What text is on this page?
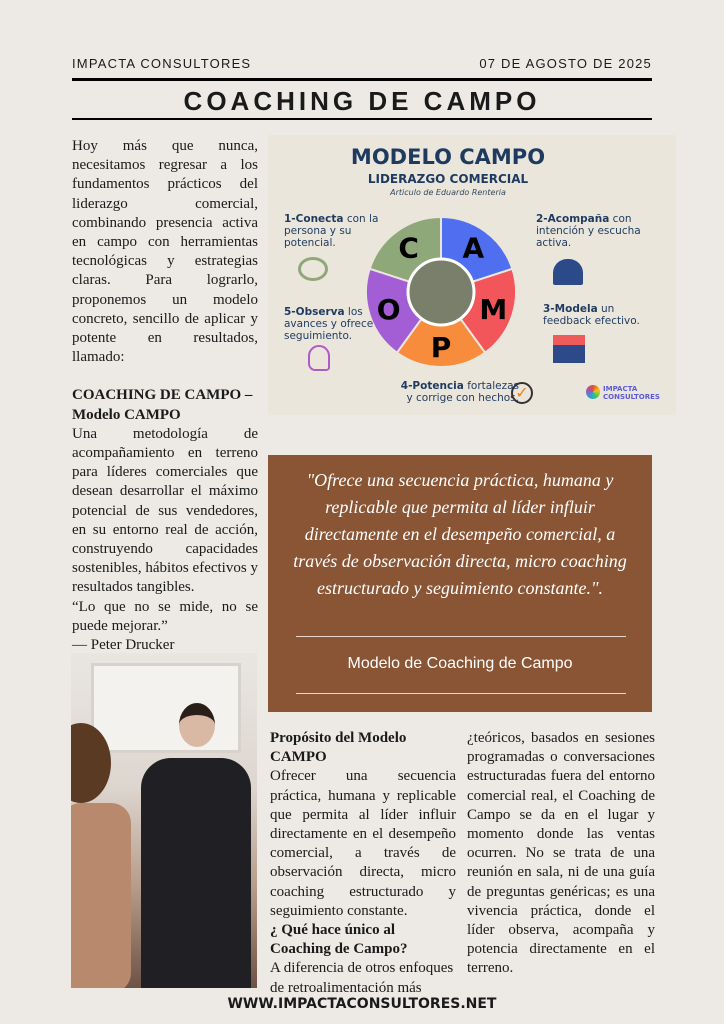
IMPACTA CONSULTORES	07 DE AGOSTO DE 2025
COACHING DE CAMPO

Hoy más que nunca, necesitamos regresar a los fundamentos prácticos del liderazgo comercial, combinando presencia activa en campo con herramientas tecnológicas y estrategias claras. Para lograrlo, proponemos un modelo concreto, sencillo de aplicar y potente en resultados, llamado:

COACHING DE CAMPO – Modelo CAMPO

Una metodología de acompañamiento en terreno para líderes comerciales que desean desarrollar el máximo potencial de sus vendedores, en su entorno real de acción, construyendo capacidades sostenibles, hábitos efectivos y resultados tangibles.

“Lo que no se mide, no se puede mejorar.”

— Peter Drucker

MODELO CAMPO
LIDERAZGO COMERCIAL
Articulo de Eduardo Renteria
C A
M
P
O
1-Conecta con la persona y su potencial.
2-Acompaña con intención y escucha activa.
3-Modela un feedback efectivo.
4-Potencia fortalezas y corrige con hechos.
5-Observa los avances y ofrece seguimiento.
✓	IMPACTA CONSULTORES
"Ofrece una secuencia práctica, humana y replicable que permita al líder influir directamente en el desempeño comercial, a través de observación directa, micro coaching estructurado y seguimiento constante.".
Modelo de Coaching de Campo
Propósito del Modelo CAMPO

Ofrecer una secuencia práctica, humana y replicable que permita al líder influir directamente en el desempeño comercial, a través de observación directa, micro coaching estructurado y seguimiento constante.

¿ Qué hace único al Coaching de Campo?

A diferencia de otros enfoques de retroalimentación más

¿teóricos, basados en sesiones programadas o conversaciones estructuradas fuera del entorno comercial real, el Coaching de Campo se da en el lugar y momento donde las ventas ocurren. No se trata de una reunión en sala, ni de una guía de preguntas genéricas; es una vivencia práctica, donde el líder observa, acompaña y potencia directamente en el terreno.

WWW.IMPACTACONSULTORES.NET
